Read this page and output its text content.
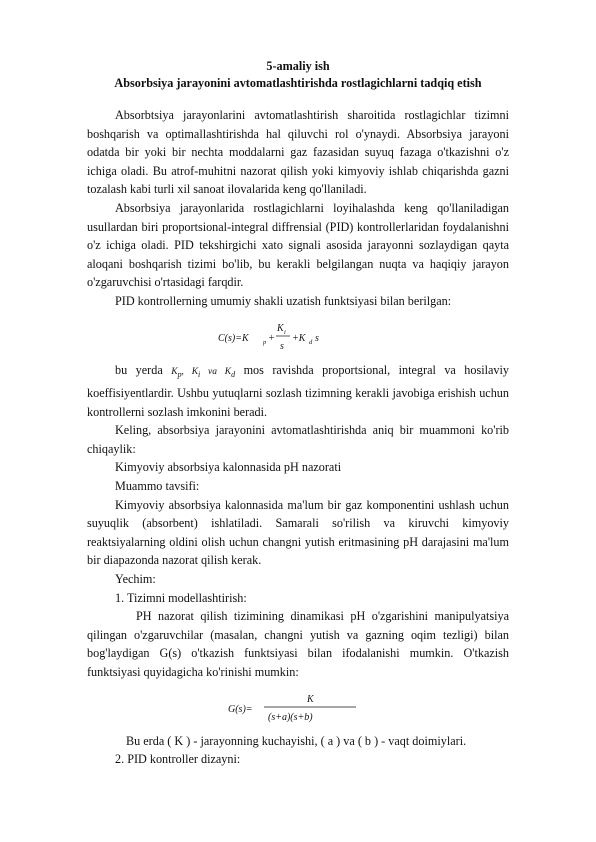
5-amaliy ish

Absorbsiya jarayonini avtomatlashtirishda rostlagichlarni tadqiq etish

Absorbtsiya jarayonlarini avtomatlashtirish sharoitida rostlagichlar tizimni boshqarish va optimallashtirishda hal qiluvchi rol o'ynaydi. Absorbsiya jarayoni odatda bir yoki bir nechta moddalarni gaz fazasidan suyuq fazaga o'tkazishni o'z ichiga oladi. Bu atrof-muhitni nazorat qilish yoki kimyoviy ishlab chiqarishda gazni tozalash kabi turli xil sanoat ilovalarida keng qo'llaniladi.

Absorbsiya jarayonlarida rostlagichlarni loyihalashda keng qo'llaniladigan usullardan biri proportsional-integral diffrensial (PID) kontrollerlaridan foydalanishni o'z ichiga oladi. PID tekshirgichi xato signali asosida jarayonni sozlaydigan qayta aloqani boshqarish tizimi bo'lib, bu kerakli belgilangan nuqta va haqiqiy jarayon o'zgaruvchisi o'rtasidagi farqdir.

PID kontrollerning umumiy shakli uzatish funktsiyasi bilan berilgan:

C(s)=K p +
K i
s
+K d s

bu yerda $K_p$, $K_i$ va $K_d$ mos ravishda proportsional, integral va hosilaviy koeffisiyentlardir. Ushbu yutuqlarni sozlash tizimning kerakli javobiga erishish uchun kontrollerni sozlash imkonini beradi.

Keling, absorbsiya jarayonini avtomatlashtirishda aniq bir muammoni ko'rib chiqaylik:

Kimyoviy absorbsiya kalonnasida pH nazorati

Muammo tavsifi:

Kimyoviy absorbsiya kalonnasida ma'lum bir gaz komponentini ushlash uchun suyuqlik (absorbent) ishlatiladi. Samarali so'rilish va kiruvchi kimyoviy reaktsiyalarning oldini olish uchun changni yutish eritmasining pH darajasini ma'lum bir diapazonda nazorat qilish kerak.

Yechim:

1. Tizimni modellashtirish:

PH nazorat qilish tizimining dinamikasi pH o'zgarishini manipulyatsiya qilingan o'zgaruvchilar (masalan, changni yutish va gazning oqim tezligi) bilan bog'laydigan G(s) o'tkazish funktsiyasi bilan ifodalanishi mumkin. O'tkazish funktsiyasi quyidagicha ko'rinishi mumkin:

G(s)=
K
(s+a)(s+b)

Bu erda ( K ) - jarayonning kuchayishi, ( a ) va ( b ) - vaqt doimiylari.

2. PID kontroller dizayni:
